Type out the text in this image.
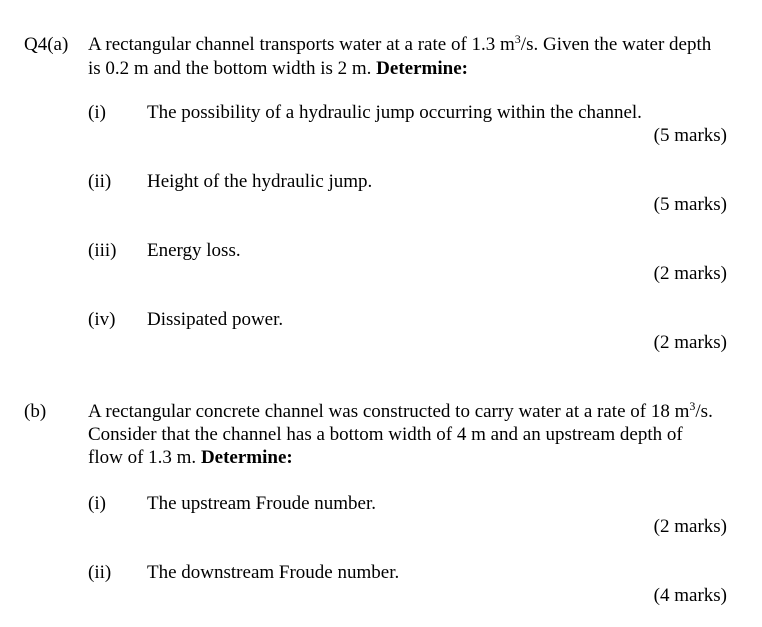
Q4(a) A rectangular channel transports water at a rate of 1.3 $m^3/s$. Given the water depth
is 0.2 m and the bottom width is 2 m. Determine:
(i) The possibility of a hydraulic jump occurring within the channel.
(5 marks)
(ii) Height of the hydraulic jump.
(5 marks)
(iii) Energy loss.
(2 marks)
(iv) Dissipated power.
(2 marks)
(b) A rectangular concrete channel was constructed to carry water at a rate of 18 $m^3/s$.
Consider that the channel has a bottom width of 4 m and an upstream depth of
flow of 1.3 m. Determine:
(i) The upstream Froude number.
(2 marks)
(ii) The downstream Froude number.
(4 marks)
